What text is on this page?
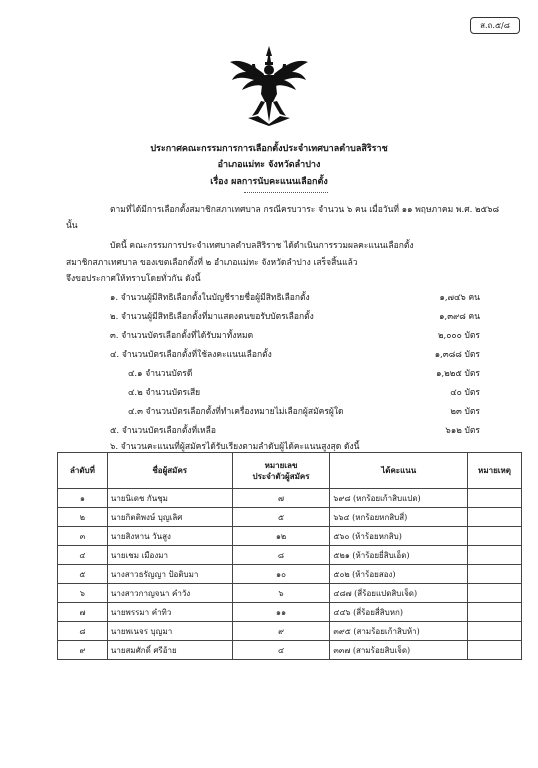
ส.ถ.๕/๘
ประกาศคณะกรรมการการเลือกตั้งประจำเทศบาลตำบลสิริราช
อำเภอแม่ทะ จังหวัดลำปาง
เรื่อง ผลการนับคะแนนเลือกตั้ง
ตามที่ได้มีการเลือกตั้งสมาชิกสภาเทศบาล กรณีครบวาระ จำนวน ๖ คน เมื่อวันที่ ๑๑ พฤษภาคม พ.ศ. ๒๕๖๘
นั้น
บัดนี้ คณะกรรมการประจำเทศบาลตำบลสิริราช ได้ดำเนินการรวมผลคะแนนเลือกตั้ง
สมาชิกสภาเทศบาล ของเขตเลือกตั้งที่ ๒ อำเภอแม่ทะ จังหวัดลำปาง เสร็จสิ้นแล้ว
จึงขอประกาศให้ทราบโดยทั่วกัน ดังนี้
๑. จำนวนผู้มีสิทธิเลือกตั้งในบัญชีรายชื่อผู้มีสิทธิเลือกตั้ง	๑,๗๔๖ คน
๒. จำนวนผู้มีสิทธิเลือกตั้งที่มาแสดงตนขอรับบัตรเลือกตั้ง	๑,๓๙๘ คน
๓. จำนวนบัตรเลือกตั้งที่ได้รับมาทั้งหมด	๒,๐๐๐ บัตร
๔. จำนวนบัตรเลือกตั้งที่ใช้ลงคะแนนเลือกตั้ง	๑,๓๘๘ บัตร
๔.๑ จำนวนบัตรดี	๑,๒๒๕ บัตร
๔.๒ จำนวนบัตรเสีย	๔๐ บัตร
๔.๓ จำนวนบัตรเลือกตั้งที่ทำเครื่องหมายไม่เลือกผู้สมัครผู้ใด	๒๓ บัตร
๕. จำนวนบัตรเลือกตั้งที่เหลือ	๖๑๒ บัตร
๖. จำนวนคะแนนที่ผู้สมัครได้รับเรียงตามลำดับผู้ได้คะแนนสูงสุด ดังนี้
ลำดับที่	ชื่อผู้สมัคร	หมายเลข
ประจำตัวผู้สมัคร	ได้คะแนน	หมายเหตุ
๑	นายนิเดช กันชุม	๗	๖๙๘ (หกร้อยเก้าสิบแปด)	
๒	นายกิตติพงษ์ บุญเลิศ	๕	๖๖๔ (หกร้อยหกสิบสี่)	
๓	นายสิงหาน วันสูง	๑๒	๕๖๐ (ห้าร้อยหกสิบ)	
๔	นายเชม เมืองมา	๘	๕๒๑ (ห้าร้อยยี่สิบเอ็ด)	
๕	นางสาวธรัญญา ป้อติบมา	๑๐	๕๐๒ (ห้าร้อยสอง)	
๖	นางสาวกาญจนา คำวัง	๖	๔๘๗ (สี่ร้อยแปดสิบเจ็ด)	
๗	นายพรรมา คำทิว	๑๑	๔๔๖ (สี่ร้อยสี่สิบหก)	
๘	นายพเนจร บุญมา	๙	๓๙๕ (สามร้อยเก้าสิบห้า)	
๙	นายสมศักดิ์ ศรีอ้าย	๔	๓๓๗ (สามร้อยสิบเจ็ด)	
